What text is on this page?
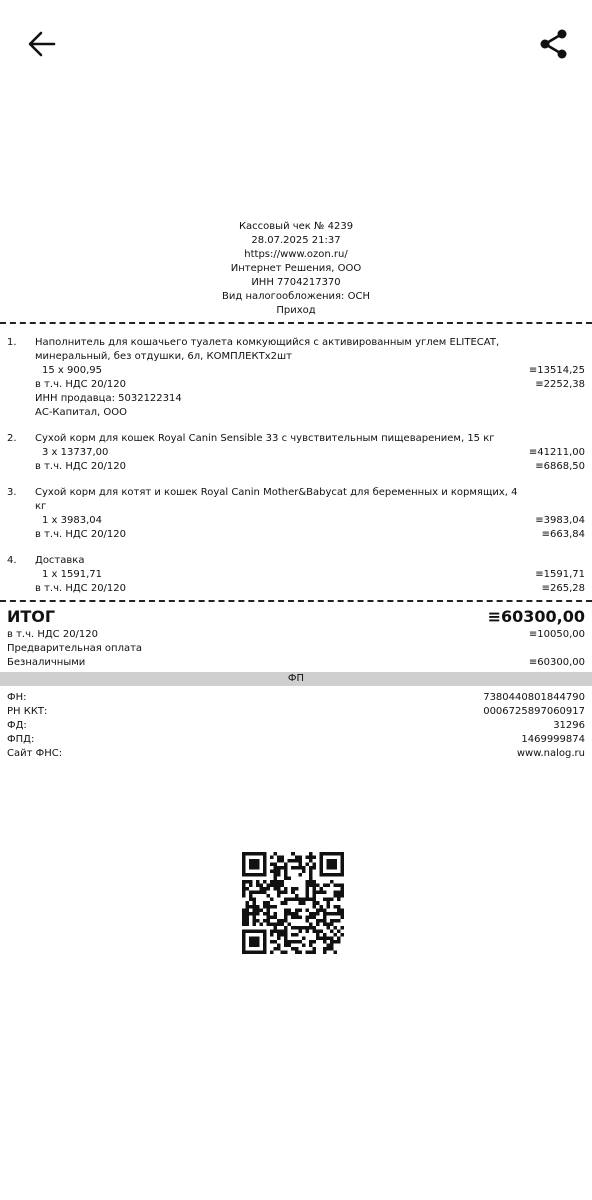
Кассовый чек № 4239
28.07.2025 21:37
https://www.ozon.ru/
Интернет Решения, ООО
ИНН 7704217370
Вид налогообложения: ОСН
Приход
1. Наполнитель для кошачьего туалета комкующийся с активированным углем ELITECAT,
минеральный, без отдушки, 6л, КОМПЛЕКТх2шт
15 x 900,95	≡13514,25
в т.ч. НДС 20/120	≡2252,38
ИНН продавца: 5032122314
АС-Капитал, ООО
2. Сухой корм для кошек Royal Canin Sensible 33 с чувствительным пищеварением, 15 кг
3 x 13737,00	≡41211,00
в т.ч. НДС 20/120	≡6868,50
3. Сухой корм для котят и кошек Royal Canin Mother&Babycat для беременных и кормящих, 4
кг
1 x 3983,04	≡3983,04
в т.ч. НДС 20/120	≡663,84
4. Доставка
1 x 1591,71	≡1591,71
в т.ч. НДС 20/120	≡265,28
ИТОГ	≡60300,00
в т.ч. НДС 20/120	≡10050,00
Предварительная оплата
Безналичными	≡60300,00
ФП
ФН:	7380440801844790
РН ККТ:	0006725897060917
ФД:	31296
ФПД:	1469999874
Сайт ФНС:	www.nalog.ru
